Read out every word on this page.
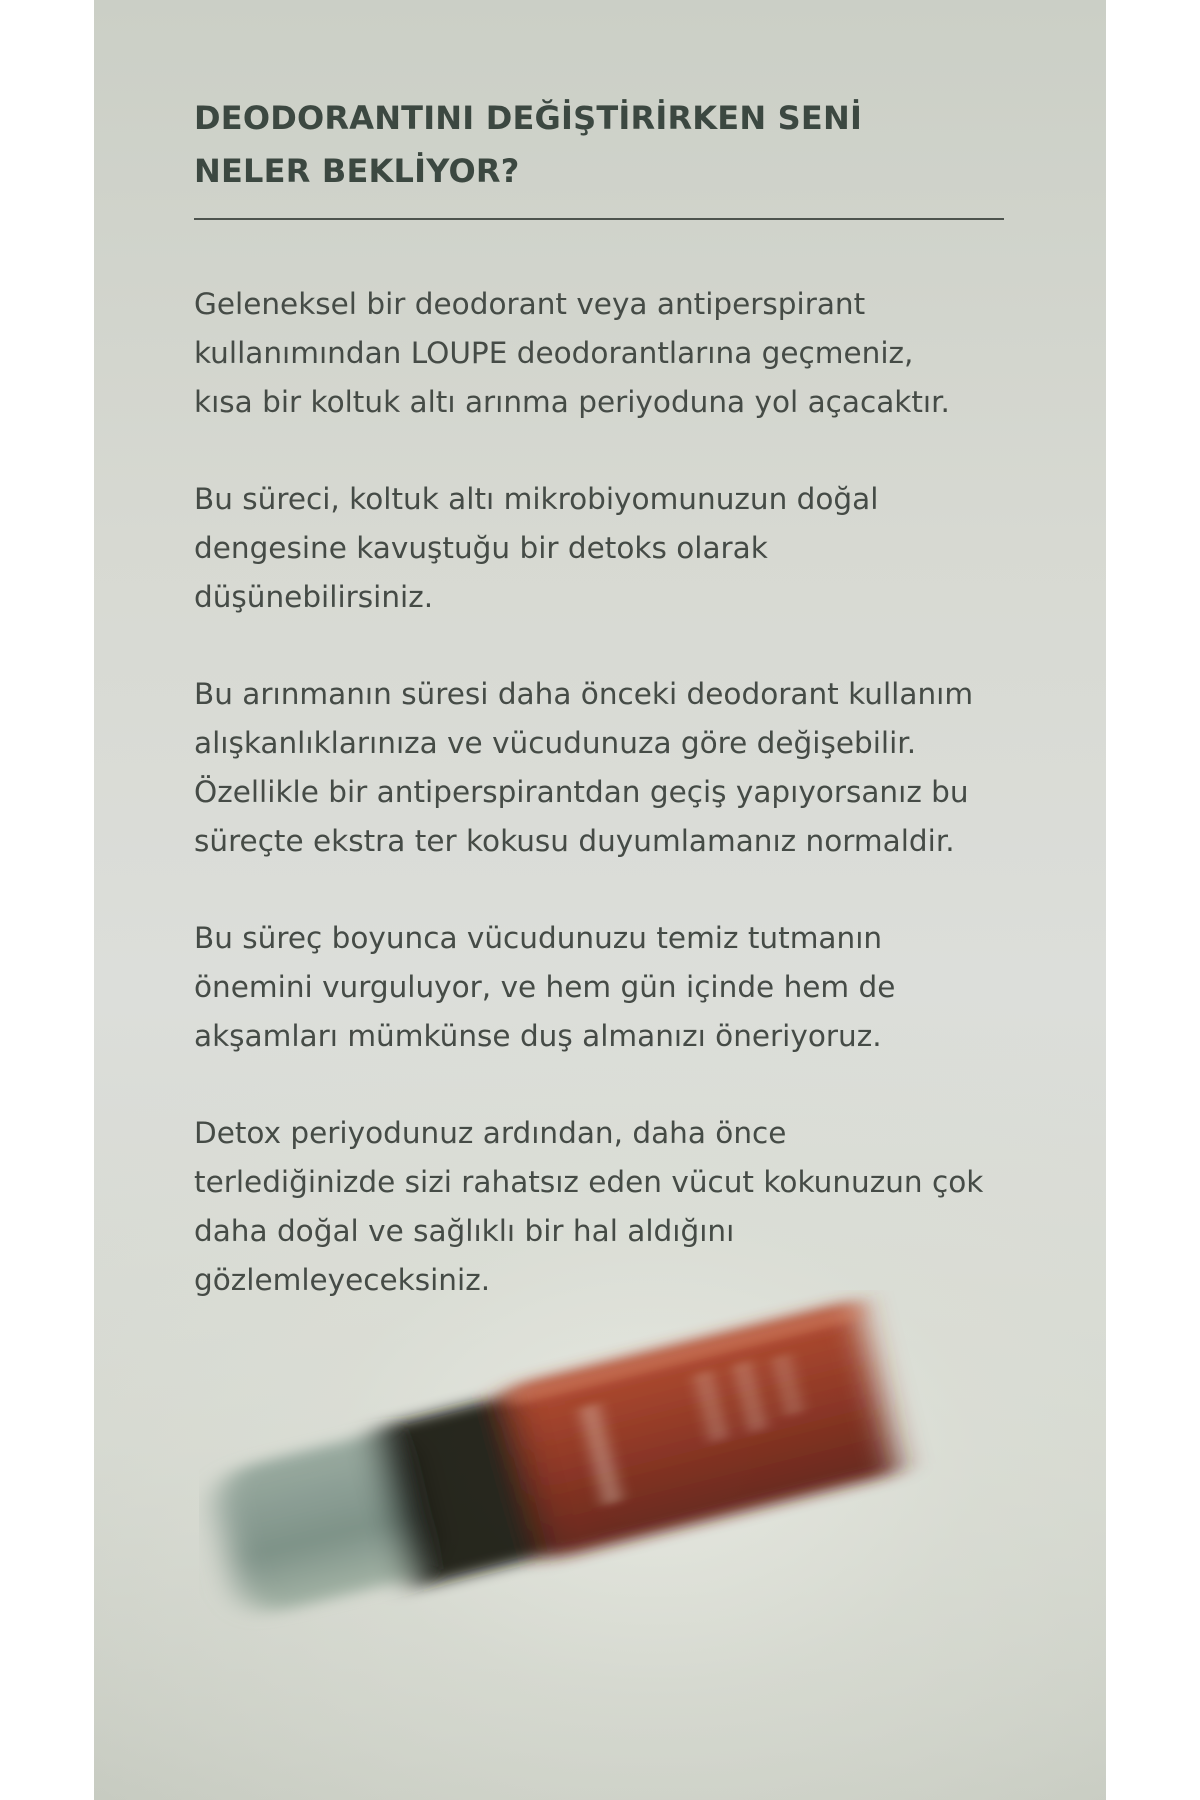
DEODORANTINI DEĞİŞTİRİRKEN SENİ
NELER BEKLİYOR?

Geleneksel bir deodorant veya antiperspirant
kullanımından LOUPE deodorantlarına geçmeniz,
kısa bir koltuk altı arınma periyoduna yol açacaktır.

Bu süreci, koltuk altı mikrobiyomunuzun doğal
dengesine kavuştuğu bir detoks olarak
düşünebilirsiniz.

Bu arınmanın süresi daha önceki deodorant kullanım
alışkanlıklarınıza ve vücudunuza göre değişebilir.
Özellikle bir antiperspirantdan geçiş yapıyorsanız bu
süreçte ekstra ter kokusu duyumlamanız normaldir.

Bu süreç boyunca vücudunuzu temiz tutmanın
önemini vurguluyor, ve hem gün içinde hem de
akşamları mümkünse duş almanızı öneriyoruz.

Detox periyodunuz ardından, daha önce
terlediğinizde sizi rahatsız eden vücut kokunuzun çok
daha doğal ve sağlıklı bir hal aldığını
gözlemleyeceksiniz.
